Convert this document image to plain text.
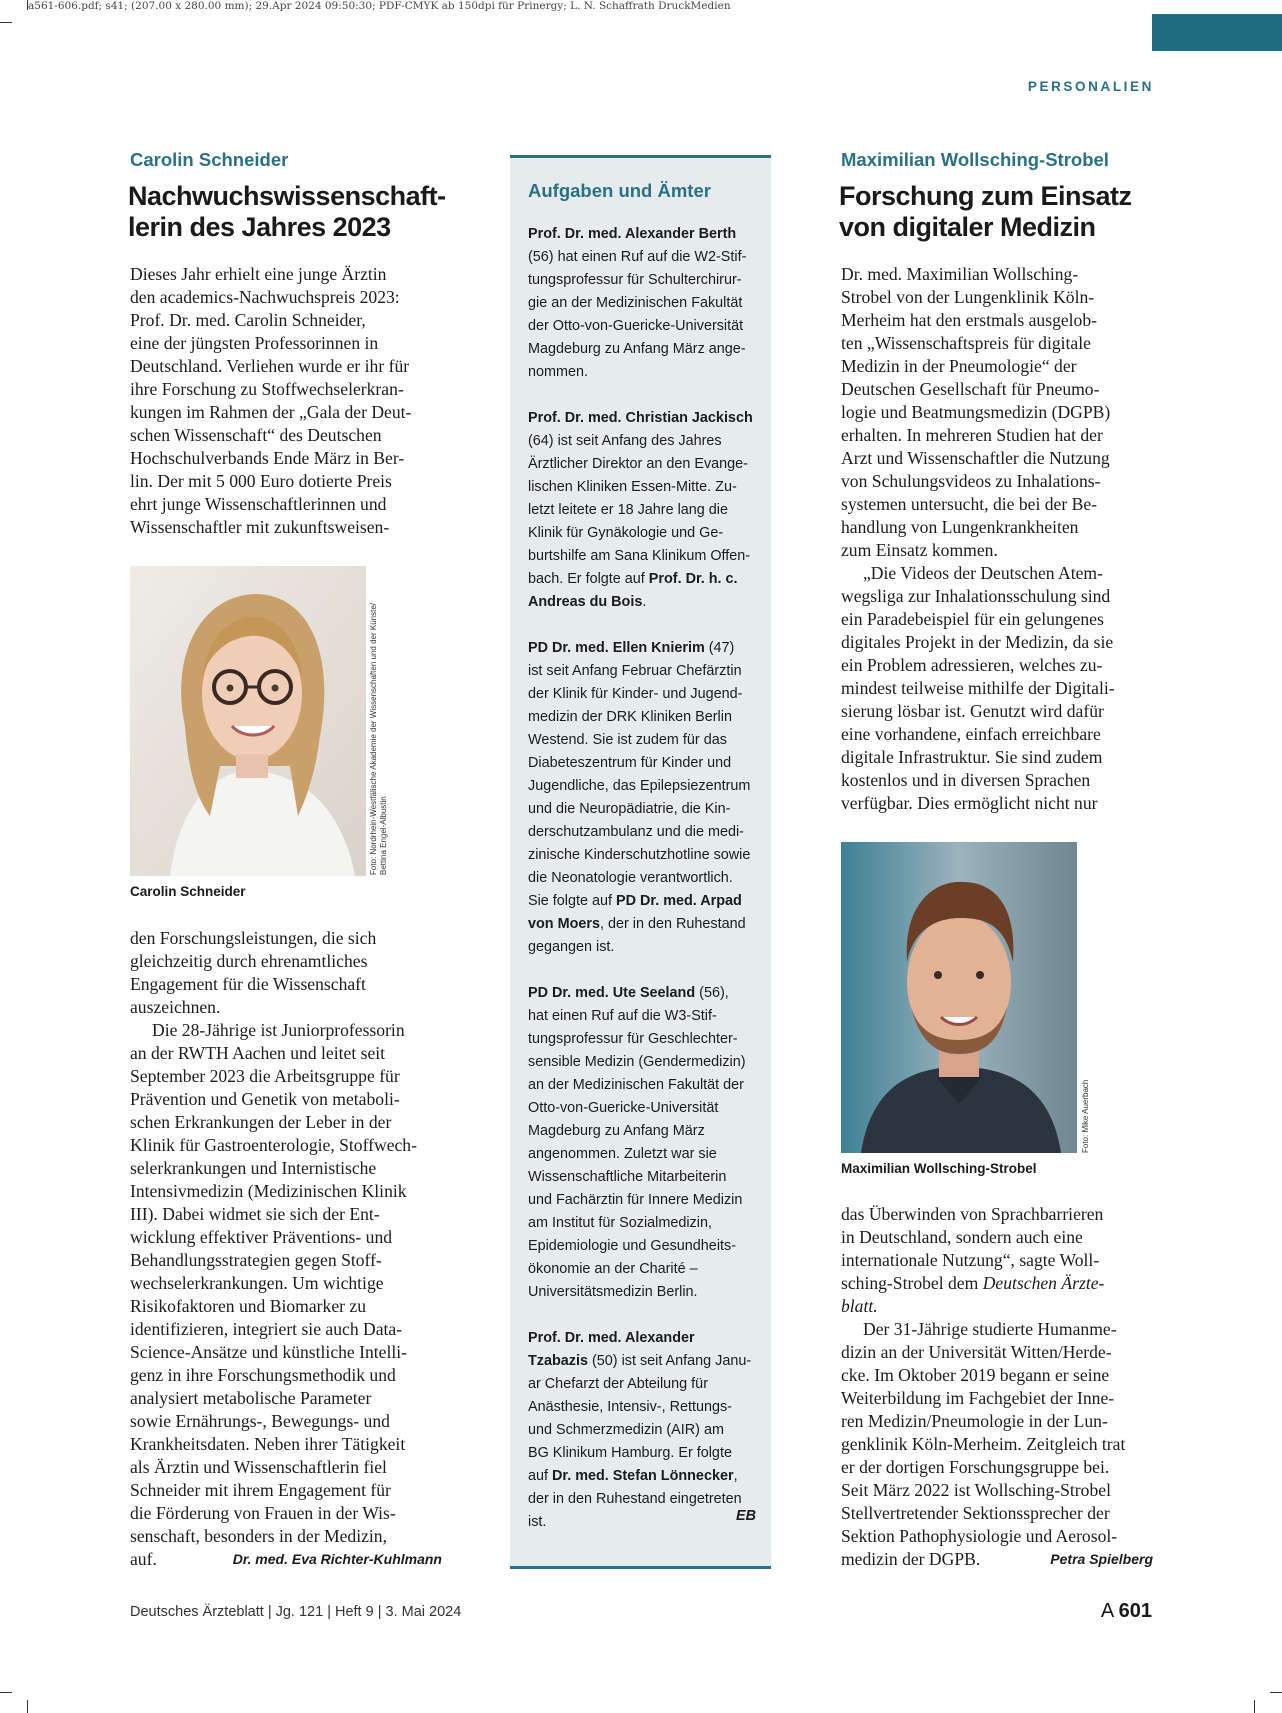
a561-606.pdf; s41; (207.00 x 280.00 mm); 29.Apr 2024 09:50:30; PDF-CMYK ab 150dpi für Prinergy; L. N. Schaffrath DruckMedien
PERSONALIEN
Carolin Schneider
Nachwuchswissenschaft-
lerin des Jahres 2023
Dieses Jahr erhielt eine junge Ärztin
den academics-Nachwuchspreis 2023:
Prof. Dr. med. Carolin Schneider,
eine der jüngsten Professorinnen in
Deutschland. Verliehen wurde er ihr für
ihre Forschung zu Stoffwechselerkran-
kungen im Rahmen der „Gala der Deut-
schen Wissenschaft“ des Deutschen
Hochschulverbands Ende März in Ber-
lin. Der mit 5 000 Euro dotierte Preis
ehrt junge Wissenschaftlerinnen und
Wissenschaftler mit zukunftsweisen-
Foto: Nordrhein-Westfälische Akademie der Wissenschaften und der Künste/ Bettina Engel-Albustin
Carolin Schneider
den Forschungsleistungen, die sich
gleichzeitig durch ehrenamtliches
Engagement für die Wissenschaft
auszeichnen.
Die 28-Jährige ist Juniorprofessorin
an der RWTH Aachen und leitet seit
September 2023 die Arbeitsgruppe für
Prävention und Genetik von metaboli-
schen Erkrankungen der Leber in der
Klinik für Gastroenterologie, Stoffwech-
selerkrankungen und Internistische
Intensivmedizin (Medizinischen Klinik
III). Dabei widmet sie sich der Ent-
wicklung effektiver Präventions- und
Behandlungsstrategien gegen Stoff-
wechselerkrankungen. Um wichtige
Risikofaktoren und Biomarker zu
identifizieren, integriert sie auch Data-
Science-Ansätze und künstliche Intelli-
genz in ihre Forschungsmethodik und
analysiert metabolische Parameter
sowie Ernährungs-, Bewegungs- und
Krankheitsdaten. Neben ihrer Tätigkeit
als Ärztin und Wissenschaftlerin fiel
Schneider mit ihrem Engagement für
die Förderung von Frauen in der Wis-
senschaft, besonders in der Medizin,
auf.	Dr. med. Eva Richter-Kuhlmann
Aufgaben und Ämter
Prof. Dr. med. Alexander Berth
(56) hat einen Ruf auf die W2-Stif-
tungsprofessur für Schulterchirur-
gie an der Medizinischen Fakultät
der Otto-von-Guericke-Universität
Magdeburg zu Anfang März ange-
nommen.
Prof. Dr. med. Christian Jackisch
(64) ist seit Anfang des Jahres
Ärztlicher Direktor an den Evange-
lischen Kliniken Essen-Mitte. Zu-
letzt leitete er 18 Jahre lang die
Klinik für Gynäkologie und Ge-
burtshilfe am Sana Klinikum Offen-
bach. Er folgte auf Prof. Dr. h. c.
Andreas du Bois.
PD Dr. med. Ellen Knierim (47)
ist seit Anfang Februar Chefärztin
der Klinik für Kinder- und Jugend-
medizin der DRK Kliniken Berlin
Westend. Sie ist zudem für das
Diabeteszentrum für Kinder und
Jugendliche, das Epilepsiezentrum
und die Neuropädiatrie, die Kin-
derschutzambulanz und die medi-
zinische Kinderschutzhotline sowie
die Neonatologie verantwortlich.
Sie folgte auf PD Dr. med. Arpad
von Moers, der in den Ruhestand
gegangen ist.
PD Dr. med. Ute Seeland (56),
hat einen Ruf auf die W3-Stif-
tungsprofessur für Geschlechter-
sensible Medizin (Gendermedizin)
an der Medizinischen Fakultät der
Otto-von-Guericke-Universität
Magdeburg zu Anfang März
angenommen. Zuletzt war sie
Wissenschaftliche Mitarbeiterin
und Fachärztin für Innere Medizin
am Institut für Sozialmedizin,
Epidemiologie und Gesundheits-
ökonomie an der Charité –
Universitätsmedizin Berlin.
Prof. Dr. med. Alexander
Tzabazis (50) ist seit Anfang Janu-
ar Chefarzt der Abteilung für
Anästhesie, Intensiv-, Rettungs-
und Schmerzmedizin (AIR) am
BG Klinikum Hamburg. Er folgte
auf Dr. med. Stefan Lönnecker,
der in den Ruhestand eingetreten
ist.	EB
Maximilian Wollsching-Strobel
Forschung zum Einsatz
von digitaler Medizin
Dr. med. Maximilian Wollsching-
Strobel von der Lungenklinik Köln-
Merheim hat den erstmals ausgelob-
ten „Wissenschaftspreis für digitale
Medizin in der Pneumologie“ der
Deutschen Gesellschaft für Pneumo-
logie und Beatmungsmedizin (DGPB)
erhalten. In mehreren Studien hat der
Arzt und Wissenschaftler die Nutzung
von Schulungsvideos zu Inhalations-
systemen untersucht, die bei der Be-
handlung von Lungenkrankheiten
zum Einsatz kommen.
„Die Videos der Deutschen Atem-
wegsliga zur Inhalationsschulung sind
ein Paradebeispiel für ein gelungenes
digitales Projekt in der Medizin, da sie
ein Problem adressieren, welches zu-
mindest teilweise mithilfe der Digitali-
sierung lösbar ist. Genutzt wird dafür
eine vorhandene, einfach erreichbare
digitale Infrastruktur. Sie sind zudem
kostenlos und in diversen Sprachen
verfügbar. Dies ermöglicht nicht nur
Foto: Mike Auerbach
Maximilian Wollsching-Strobel
das Überwinden von Sprachbarrieren
in Deutschland, sondern auch eine
internationale Nutzung“, sagte Woll-
sching-Strobel dem Deutschen Ärzte-
blatt.
Der 31-Jährige studierte Humanme-
dizin an der Universität Witten/Herde-
cke. Im Oktober 2019 begann er seine
Weiterbildung im Fachgebiet der Inne-
ren Medizin/Pneumologie in der Lun-
genklinik Köln-Merheim. Zeitgleich trat
er der dortigen Forschungsgruppe bei.
Seit März 2022 ist Wollsching-Strobel
Stellvertretender Sektionssprecher der
Sektion Pathophysiologie und Aerosol-
medizin der DGPB.	Petra Spielberg
Deutsches Ärzteblatt | Jg. 121 | Heft 9 | 3. Mai 2024	A 601
